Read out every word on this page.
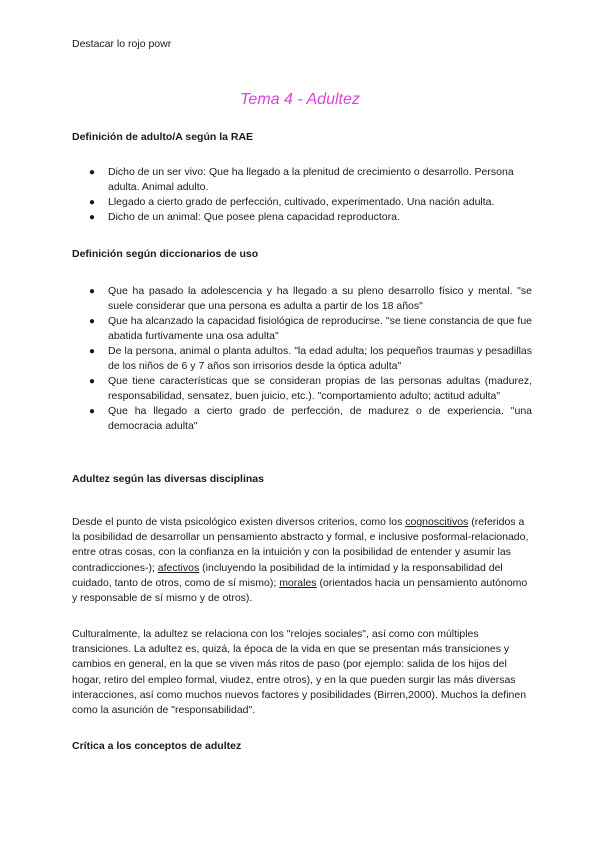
Destacar lo rojo powr
Tema 4 - Adultez
Definición de adulto/A según la RAE
● Dicho de un ser vivo: Que ha llegado a la plenitud de crecimiento o desarrollo. Persona adulta. Animal adulto.
● Llegado a cierto grado de perfección, cultivado, experimentado. Una nación adulta.
● Dicho de un animal: Que posee plena capacidad reproductora.
Definición según diccionarios de uso
● Que ha pasado la adolescencia y ha llegado a su pleno desarrollo físico y mental. "se suele considerar que una persona es adulta a partir de los 18 años"
● Que ha alcanzado la capacidad fisiológica de reproducirse. "se tiene constancia de que fue abatida furtivamente una osa adulta"
● De la persona, animal o planta adultos. "la edad adulta; los pequeños traumas y pesadillas de los niños de 6 y 7 años son irrisorios desde la óptica adulta"
● Que tiene características que se consideran propias de las personas adultas (madurez, responsabilidad, sensatez, buen juicio, etc.). "comportamiento adulto; actitud adulta"
● Que ha llegado a cierto grado de perfección, de madurez o de experiencia. "una democracia adulta"
Adultez según las diversas disciplinas

Desde el punto de vista psicológico existen diversos criterios, como los cognoscitivos (referidos a la posibilidad de desarrollar un pensamiento abstracto y formal, e inclusive posformal-relacionado, entre otras cosas, con la confianza en la intuición y con la posibilidad de entender y asumir las contradicciones-); afectivos (incluyendo la posibilidad de la intimidad y la responsabilidad del cuidado, tanto de otros, como de sí mismo); morales (orientados hacia un pensamiento autónomo y responsable de sí mismo y de otros).

Culturalmente, la adultez se relaciona con los "relojes sociales", así como con múltiples transiciones. La adultez es, quizá, la época de la vida en que se presentan más transiciones y cambios en general, en la que se viven más ritos de paso (por ejemplo: salida de los hijos del hogar, retiro del empleo formal, viudez, entre otros), y en la que pueden surgir las más diversas interacciones, así como muchos nuevos factores y posibilidades (Birren,2000). Muchos la definen como la asunción de "responsabilidad".

Crítica a los conceptos de adultez
